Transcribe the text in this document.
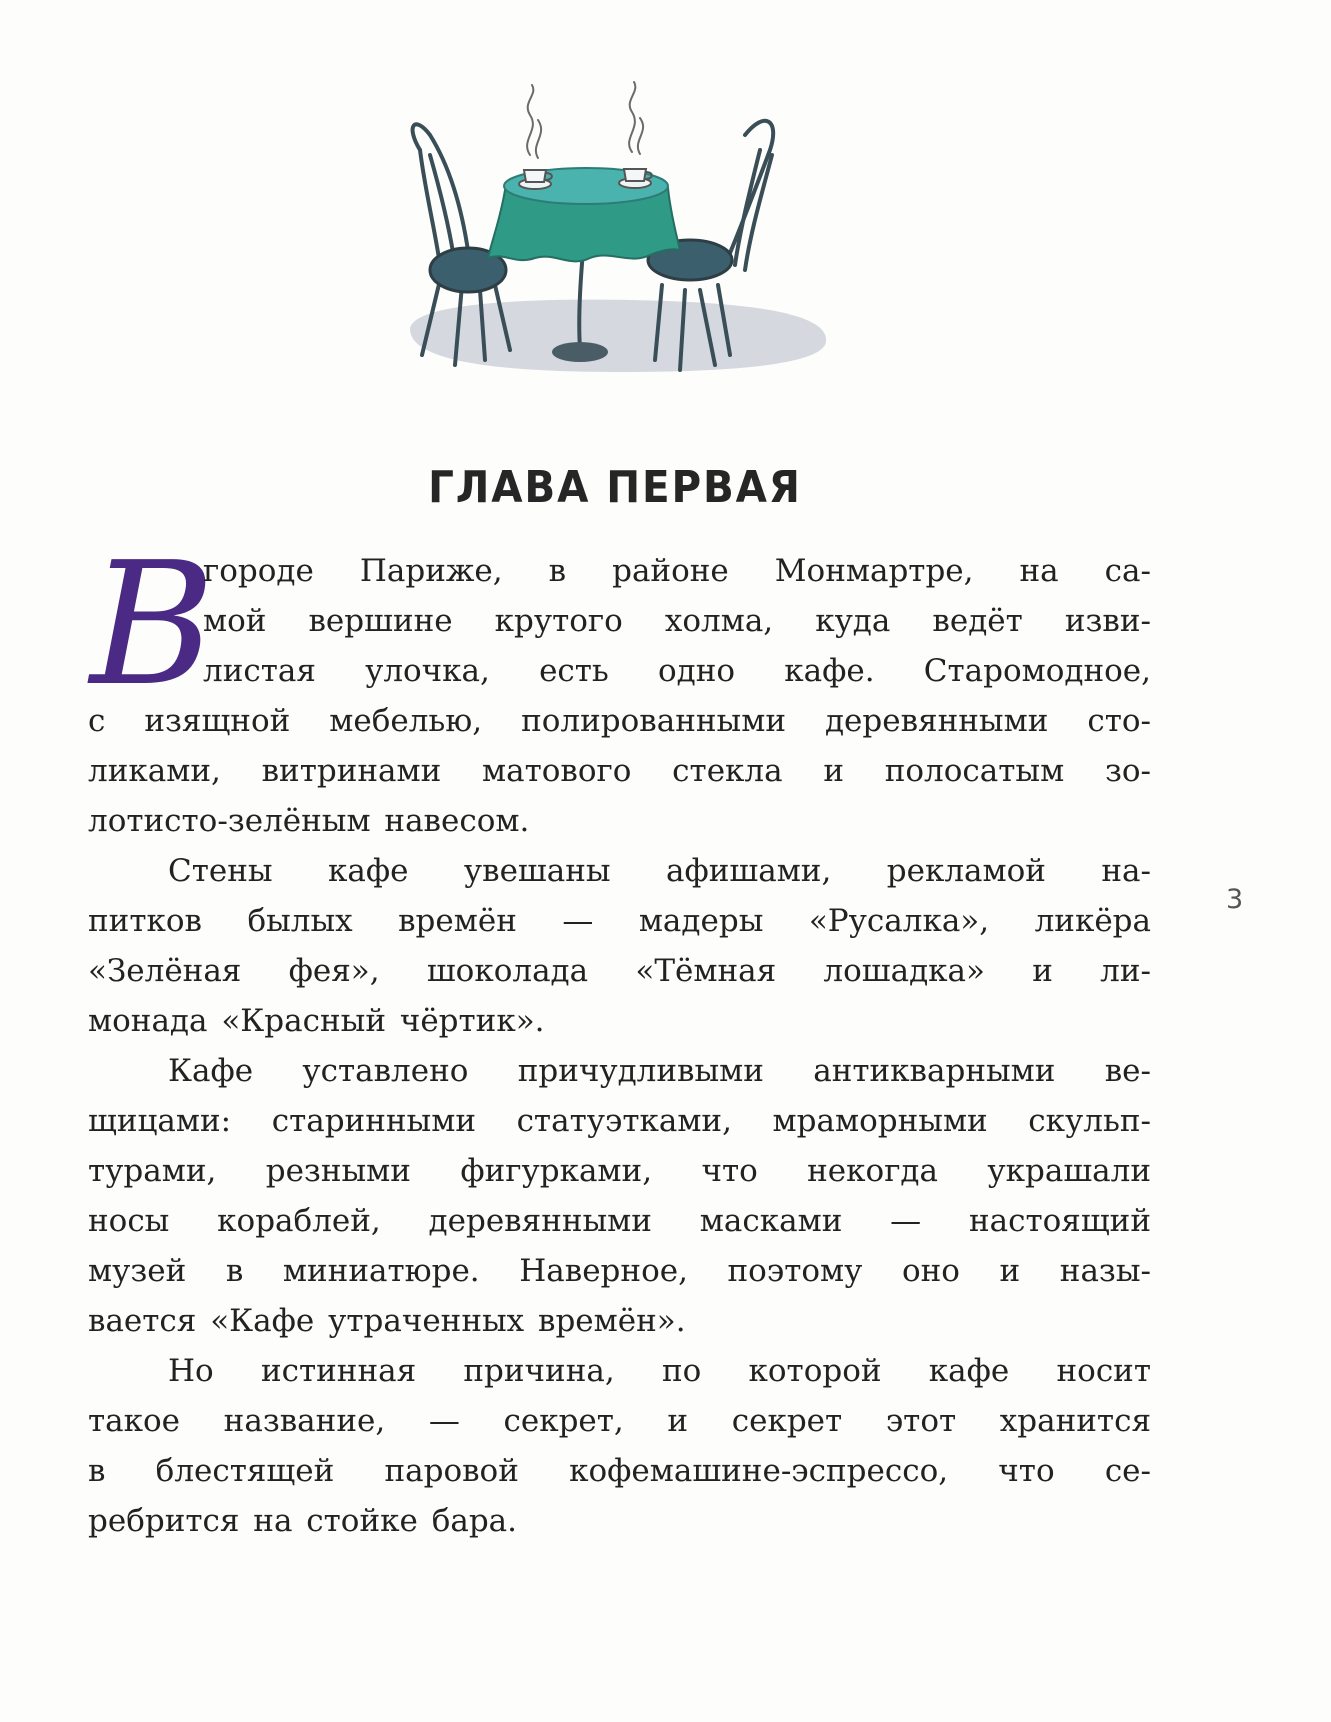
ГЛАВА ПЕРВАЯ
В
городе Париже, в районе Монмартре, на са-
мой вершине крутого холма, куда ведёт изви-
листая улочка, есть одно кафе. Старомодное,
с изящной мебелью, полированными деревянными сто-
ликами, витринами матового стекла и полосатым зо-
лотисто-зелёным навесом.
Стены кафе увешаны афишами, рекламой на-
питков былых времён — мадеры «Русалка», ликёра
«Зелёная фея», шоколада «Тёмная лошадка» и ли-
монада «Красный чёртик».
Кафе уставлено причудливыми антикварными ве-
щицами: старинными статуэтками, мраморными скульп-
турами, резными фигурками, что некогда украшали
носы кораблей, деревянными масками — настоящий
музей в миниатюре. Наверное, поэтому оно и назы-
вается «Кафе утраченных времён».
Но истинная причина, по которой кафе носит
такое название, — секрет, и секрет этот хранится
в блестящей паровой кофемашине-эспрессо, что се-
ребрится на стойке бара.
3
